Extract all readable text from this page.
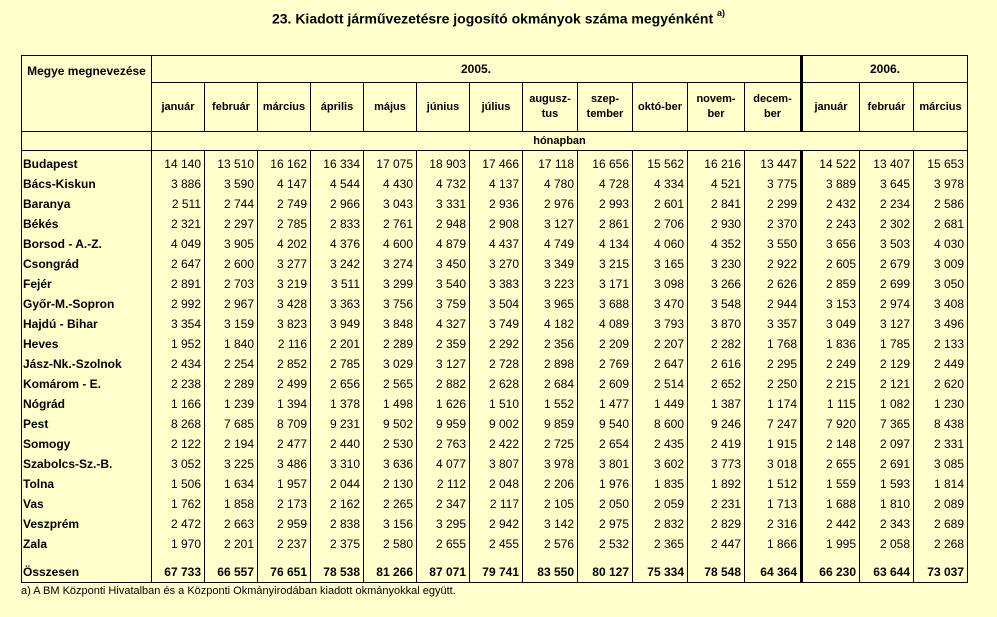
23. Kiadott járművezetésre jogosító okmányok száma megyénként $^{a)}$
Megye megnevezése	2005.												2006.		
	január	február	március	április	május	június	július	augusz-tus	szep-tember	októ-ber	novem-ber	decem-ber	január	február	március
	hónapban														
Budapest	14 140	13 510	16 162	16 334	17 075	18 903	17 466	17 118	16 656	15 562	16 216	13 447	14 522	13 407	15 653
Bács-Kiskun	3 886	3 590	4 147	4 544	4 430	4 732	4 137	4 780	4 728	4 334	4 521	3 775	3 889	3 645	3 978
Baranya	2 511	2 744	2 749	2 966	3 043	3 331	2 936	2 976	2 993	2 601	2 841	2 299	2 432	2 234	2 586
Békés	2 321	2 297	2 785	2 833	2 761	2 948	2 908	3 127	2 861	2 706	2 930	2 370	2 243	2 302	2 681
Borsod - A.-Z.	4 049	3 905	4 202	4 376	4 600	4 879	4 437	4 749	4 134	4 060	4 352	3 550	3 656	3 503	4 030
Csongrád	2 647	2 600	3 277	3 242	3 274	3 450	3 270	3 349	3 215	3 165	3 230	2 922	2 605	2 679	3 009
Fejér	2 891	2 703	3 219	3 511	3 299	3 540	3 383	3 223	3 171	3 098	3 266	2 626	2 859	2 699	3 050
Győr-M.-Sopron	2 992	2 967	3 428	3 363	3 756	3 759	3 504	3 965	3 688	3 470	3 548	2 944	3 153	2 974	3 408
Hajdú - Bihar	3 354	3 159	3 823	3 949	3 848	4 327	3 749	4 182	4 089	3 793	3 870	3 357	3 049	3 127	3 496
Heves	1 952	1 840	2 116	2 201	2 289	2 359	2 292	2 356	2 209	2 207	2 282	1 768	1 836	1 785	2 133
Jász-Nk.-Szolnok	2 434	2 254	2 852	2 785	3 029	3 127	2 728	2 898	2 769	2 647	2 616	2 295	2 249	2 129	2 449
Komárom - E.	2 238	2 289	2 499	2 656	2 565	2 882	2 628	2 684	2 609	2 514	2 652	2 250	2 215	2 121	2 620
Nógrád	1 166	1 239	1 394	1 378	1 498	1 626	1 510	1 552	1 477	1 449	1 387	1 174	1 115	1 082	1 230
Pest	8 268	7 685	8 709	9 231	9 502	9 959	9 002	9 859	9 540	8 600	9 246	7 247	7 920	7 365	8 438
Somogy	2 122	2 194	2 477	2 440	2 530	2 763	2 422	2 725	2 654	2 435	2 419	1 915	2 148	2 097	2 331
Szabolcs-Sz.-B.	3 052	3 225	3 486	3 310	3 636	4 077	3 807	3 978	3 801	3 602	3 773	3 018	2 655	2 691	3 085
Tolna	1 506	1 634	1 957	2 044	2 130	2 112	2 048	2 206	1 976	1 835	1 892	1 512	1 559	1 593	1 814
Vas	1 762	1 858	2 173	2 162	2 265	2 347	2 117	2 105	2 050	2 059	2 231	1 713	1 688	1 810	2 089
Veszprém	2 472	2 663	2 959	2 838	3 156	3 295	2 942	3 142	2 975	2 832	2 829	2 316	2 442	2 343	2 689
Zala	1 970	2 201	2 237	2 375	2 580	2 655	2 455	2 576	2 532	2 365	2 447	1 866	1 995	2 058	2 268

Összesen	67 733	66 557	76 651	78 538	81 266	87 071	79 741	83 550	80 127	75 334	78 548	64 364	66 230	63 644	73 037
a) A BM Központi Hivatalban és a Központi Okmányirodában kiadott okmányokkal együtt.
